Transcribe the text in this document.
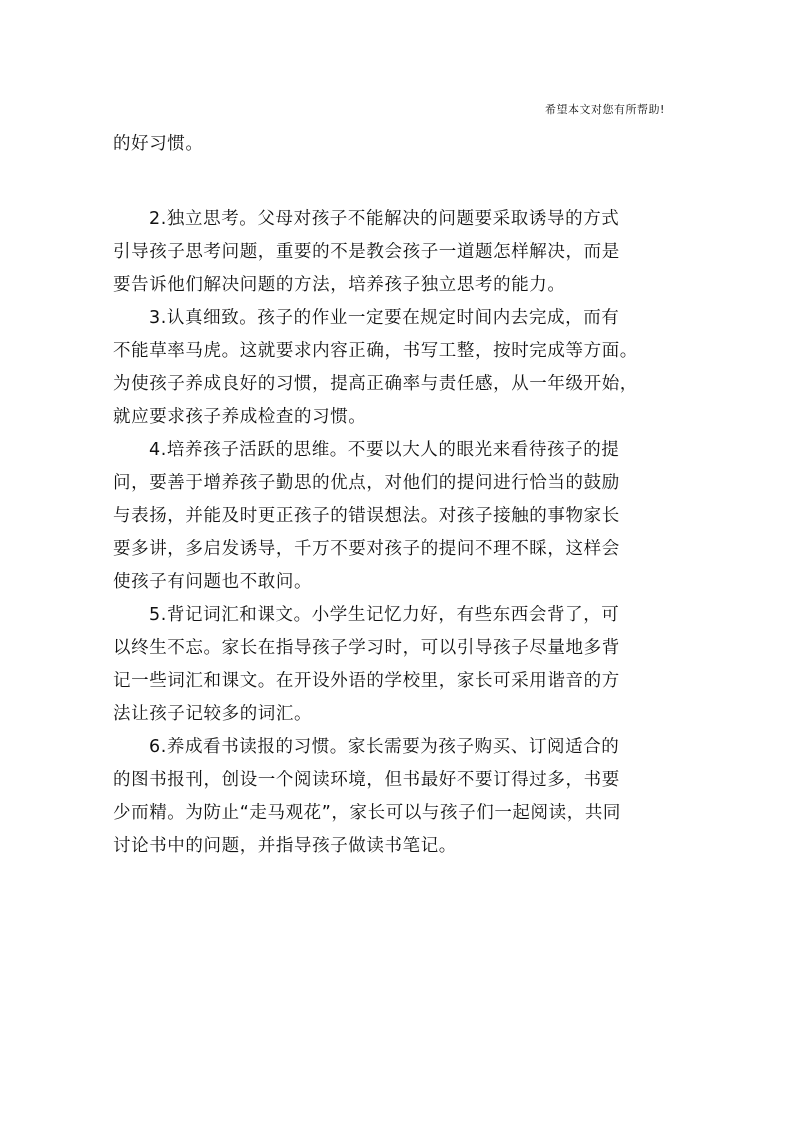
希望本文对您有所帮助!
的好习惯。
2.独立思考。父母对孩子不能解决的问题要采取诱导的方式
引导孩子思考问题，重要的不是教会孩子一道题怎样解决，而是
要告诉他们解决问题的方法，培养孩子独立思考的能力。
3.认真细致。孩子的作业一定要在规定时间内去完成，而有
不能草率马虎。这就要求内容正确，书写工整，按时完成等方面。
为使孩子养成良好的习惯，提高正确率与责任感，从一年级开始，
就应要求孩子养成检查的习惯。
4.培养孩子活跃的思维。不要以大人的眼光来看待孩子的提
问，要善于增养孩子勤思的优点，对他们的提问进行恰当的鼓励
与表扬，并能及时更正孩子的错误想法。对孩子接触的事物家长
要多讲，多启发诱导，千万不要对孩子的提问不理不睬，这样会
使孩子有问题也不敢问。
5.背记词汇和课文。小学生记忆力好，有些东西会背了，可
以终生不忘。家长在指导孩子学习时，可以引导孩子尽量地多背
记一些词汇和课文。在开设外语的学校里，家长可采用谐音的方
法让孩子记较多的词汇。
6.养成看书读报的习惯。家长需要为孩子购买、订阅适合的
的图书报刊，创设一个阅读环境，但书最好不要订得过多，书要
少而精。为防止“走马观花”，家长可以与孩子们一起阅读，共同
讨论书中的问题，并指导孩子做读书笔记。
